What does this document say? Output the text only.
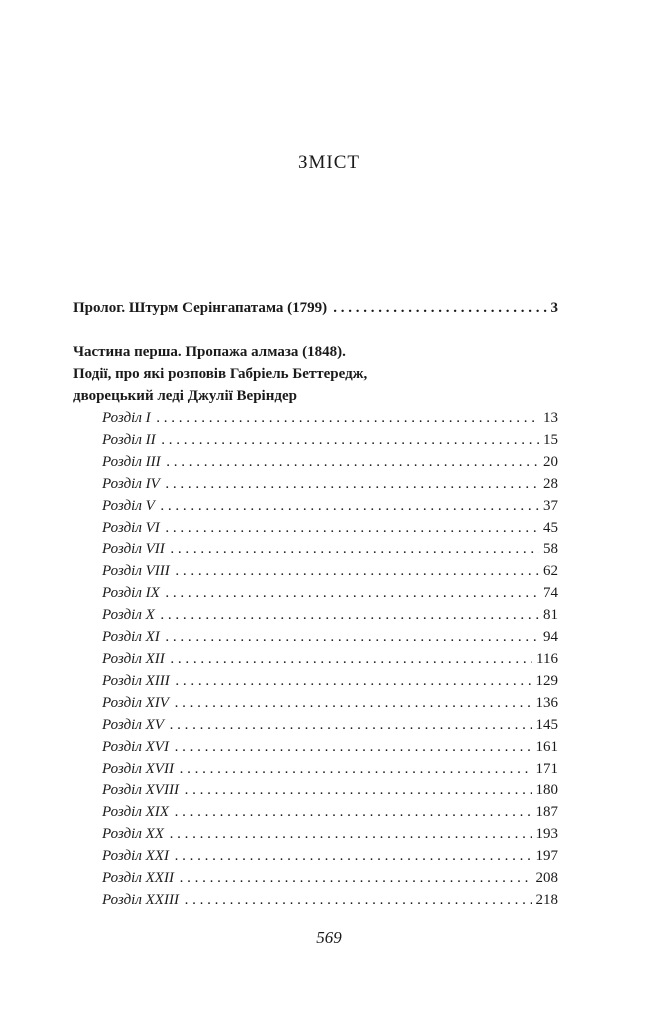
ЗМІСТ
Пролог. Штурм Серінгапатама (1799) . . .	3
Частина перша. Пропажа алмаза (1848).
Події, про які розповів Габріель Беттередж,
дворецький леді Джулії Веріндер
Розділ I . . .	13
Розділ II . . .	15
Розділ III . . .	20
Розділ IV . . .	28
Розділ V . . .	37
Розділ VI . . .	45
Розділ VII . . .	58
Розділ VIII . . .	62
Розділ IX . . .	74
Розділ X . . .	81
Розділ XI . . .	94
Розділ XII . . .	116
Розділ XIII . . .	129
Розділ XIV . . .	136
Розділ XV . . .	145
Розділ XVI . . .	161
Розділ XVII . . .	171
Розділ XVIII . . .	180
Розділ XIX . . .	187
Розділ XX . . .	193
Розділ XXI . . .	197
Розділ XXII . . .	208
Розділ XXIII . . .	218
569
